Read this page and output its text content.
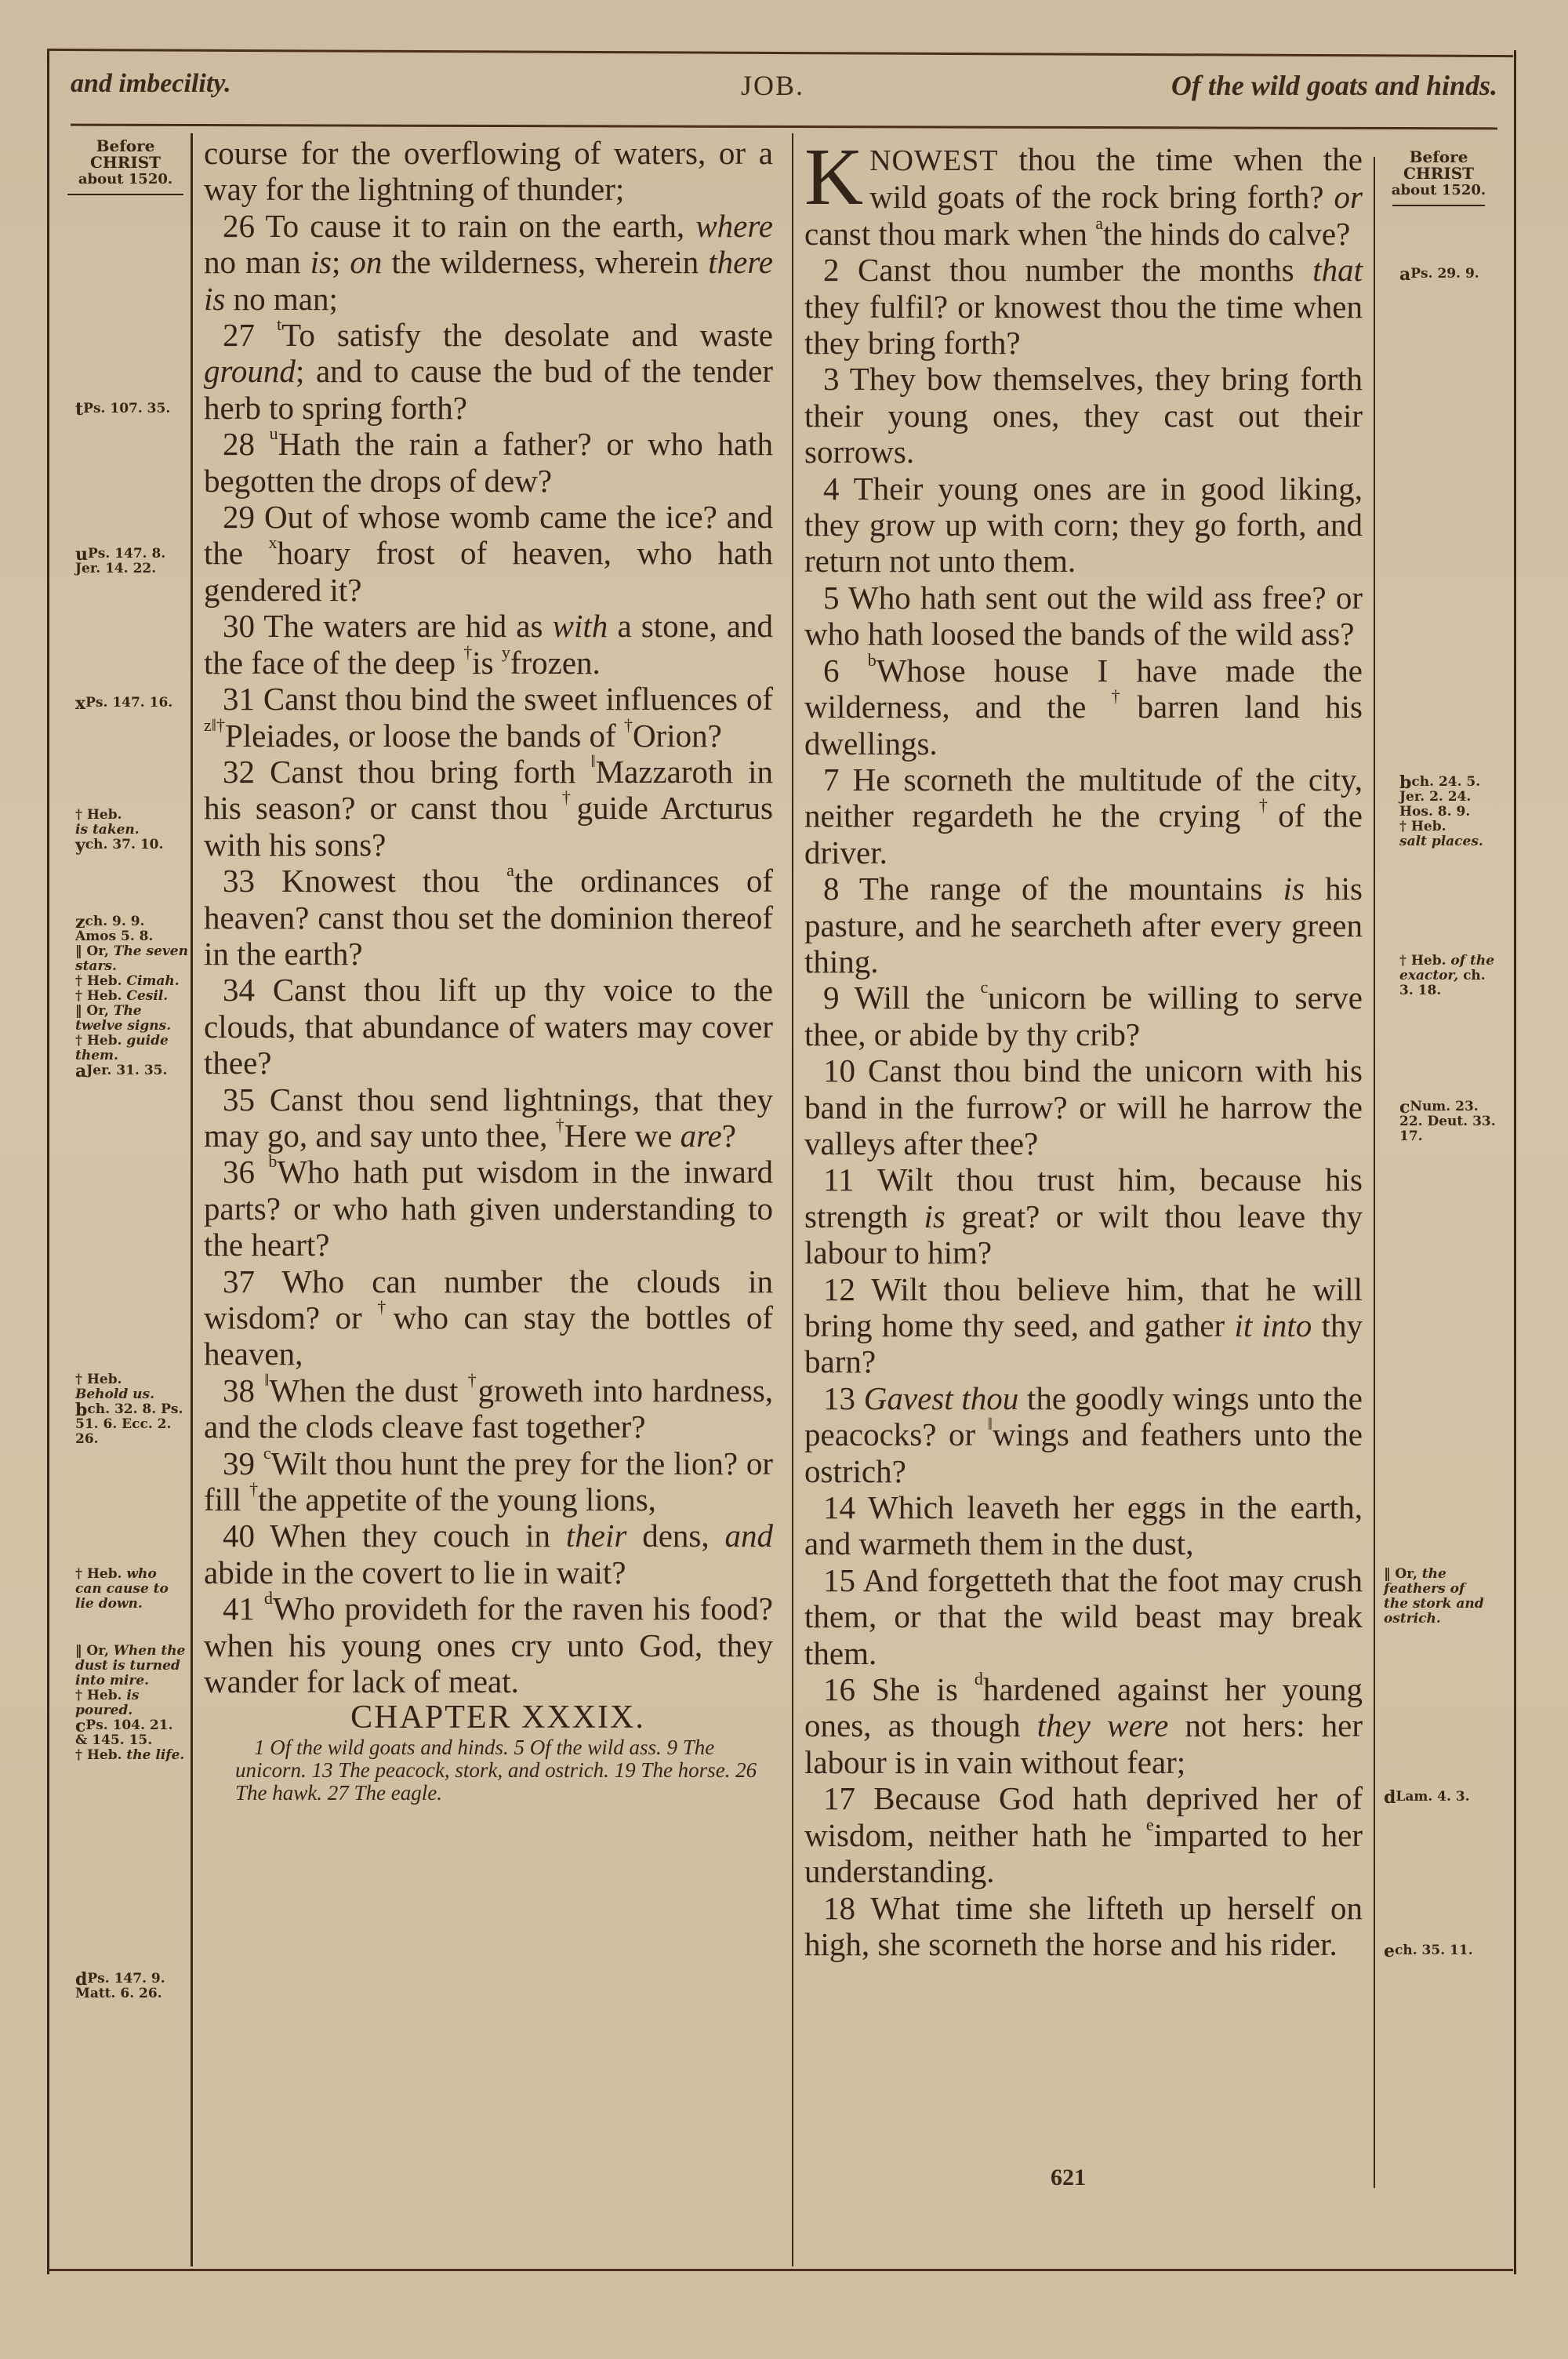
and imbecility.	JOB.	Of the wild goats and hinds.
Before
CHRIST
about 1520.
$^t$Ps. 107. 35.
$^u$Ps. 147. 8. Jer. 14. 22.
$^x$Ps. 147. 16.
† Heb.
is taken.
$^y$ch. 37. 10.
$^z$ch. 9. 9. Amos 5. 8.
‖ Or, The seven stars.
† Heb. Cimah.
† Heb. Cesil.
‖ Or, The twelve signs.
† Heb. guide them.
$^a$Jer. 31. 35.
† Heb.
Behold us.
$^b$ch. 32. 8. Ps. 51. 6. Ecc. 2. 26.
† Heb. who can cause to lie down.
‖ Or, When the dust is turned into mire.
† Heb. is poured.
$^c$Ps. 104. 21. & 145. 15.
† Heb. the life.
$^d$Ps. 147. 9. Matt. 6. 26.

course for the overflowing of waters, or a way for the lightning of thunder;

26 To cause it to rain on the earth, where no man is; on the wilderness, wherein there is no man;

27 $^t$To satisfy the desolate and waste ground; and to cause the bud of the tender herb to spring forth?

28 $^u$Hath the rain a father? or who hath begotten the drops of dew?

29 Out of whose womb came the ice? and the $^x$hoary frost of heaven, who hath gendered it?

30 The waters are hid as with a stone, and the face of the deep †is $^y$frozen.

31 Canst thou bind the sweet influences of $^{z‖\dagger}$Pleiades, or loose the bands of †Orion?

32 Canst thou bring forth ‖Mazzaroth in his season? or canst thou †guide Arcturus with his sons?

33 Knowest thou $^a$the ordinances of heaven? canst thou set the dominion thereof in the earth?

34 Canst thou lift up thy voice to the clouds, that abundance of waters may cover thee?

35 Canst thou send lightnings, that they may go, and say unto thee, †Here we are?

36 $^b$Who hath put wisdom in the inward parts? or who hath given understanding to the heart?

37 Who can number the clouds in wisdom? or †who can stay the bottles of heaven,

38 ‖When the dust †groweth into hardness, and the clods cleave fast together?

39 $^c$Wilt thou hunt the prey for the lion? or fill †the appetite of the young lions,

40 When they couch in their dens, and abide in the covert to lie in wait?

41 $^d$Who provideth for the raven his food? when his young ones cry unto God, they wander for lack of meat.

CHAPTER XXXIX.

1 Of the wild goats and hinds. 5 Of the wild ass. 9 The unicorn. 13 The peacock, stork, and ostrich. 19 The horse. 26 The hawk. 27 The eagle.

KNOWEST thou the time when the wild goats of the rock bring forth? or canst thou mark when $^a$the hinds do calve?

2 Canst thou number the months that they fulfil? or knowest thou the time when they bring forth?

3 They bow themselves, they bring forth their young ones, they cast out their sorrows.

4 Their young ones are in good liking, they grow up with corn; they go forth, and return not unto them.

5 Who hath sent out the wild ass free? or who hath loosed the bands of the wild ass?

6 $^b$Whose house I have made the wilderness, and the †barren land his dwellings.

7 He scorneth the multitude of the city, neither regardeth he the crying †of the driver.

8 The range of the mountains is his pasture, and he searcheth after every green thing.

9 Will the $^c$unicorn be willing to serve thee, or abide by thy crib?

10 Canst thou bind the unicorn with his band in the furrow? or will he harrow the valleys after thee?

11 Wilt thou trust him, because his strength is great? or wilt thou leave thy labour to him?

12 Wilt thou believe him, that he will bring home thy seed, and gather it into thy barn?

13 Gavest thou the goodly wings unto the peacocks? or ‖wings and feathers unto the ostrich?

14 Which leaveth her eggs in the earth, and warmeth them in the dust,

15 And forgetteth that the foot may crush them, or that the wild beast may break them.

16 She is $^d$hardened against her young ones, as though they were not hers: her labour is in vain without fear;

17 Because God hath deprived her of wisdom, neither hath he $^e$imparted to her understanding.

18 What time she lifteth up herself on high, she scorneth the horse and his rider.

Before
CHRIST
about 1520.
$^a$Ps. 29. 9.
$^b$ch. 24. 5. Jer. 2. 24. Hos. 8. 9.
† Heb.
salt places.
† Heb. of the exactor, ch. 3. 18.
$^c$Num. 23. 22. Deut. 33. 17.
‖ Or, the feathers of the stork and ostrich.
$^d$Lam. 4. 3.
$^e$ch. 35. 11.
621
